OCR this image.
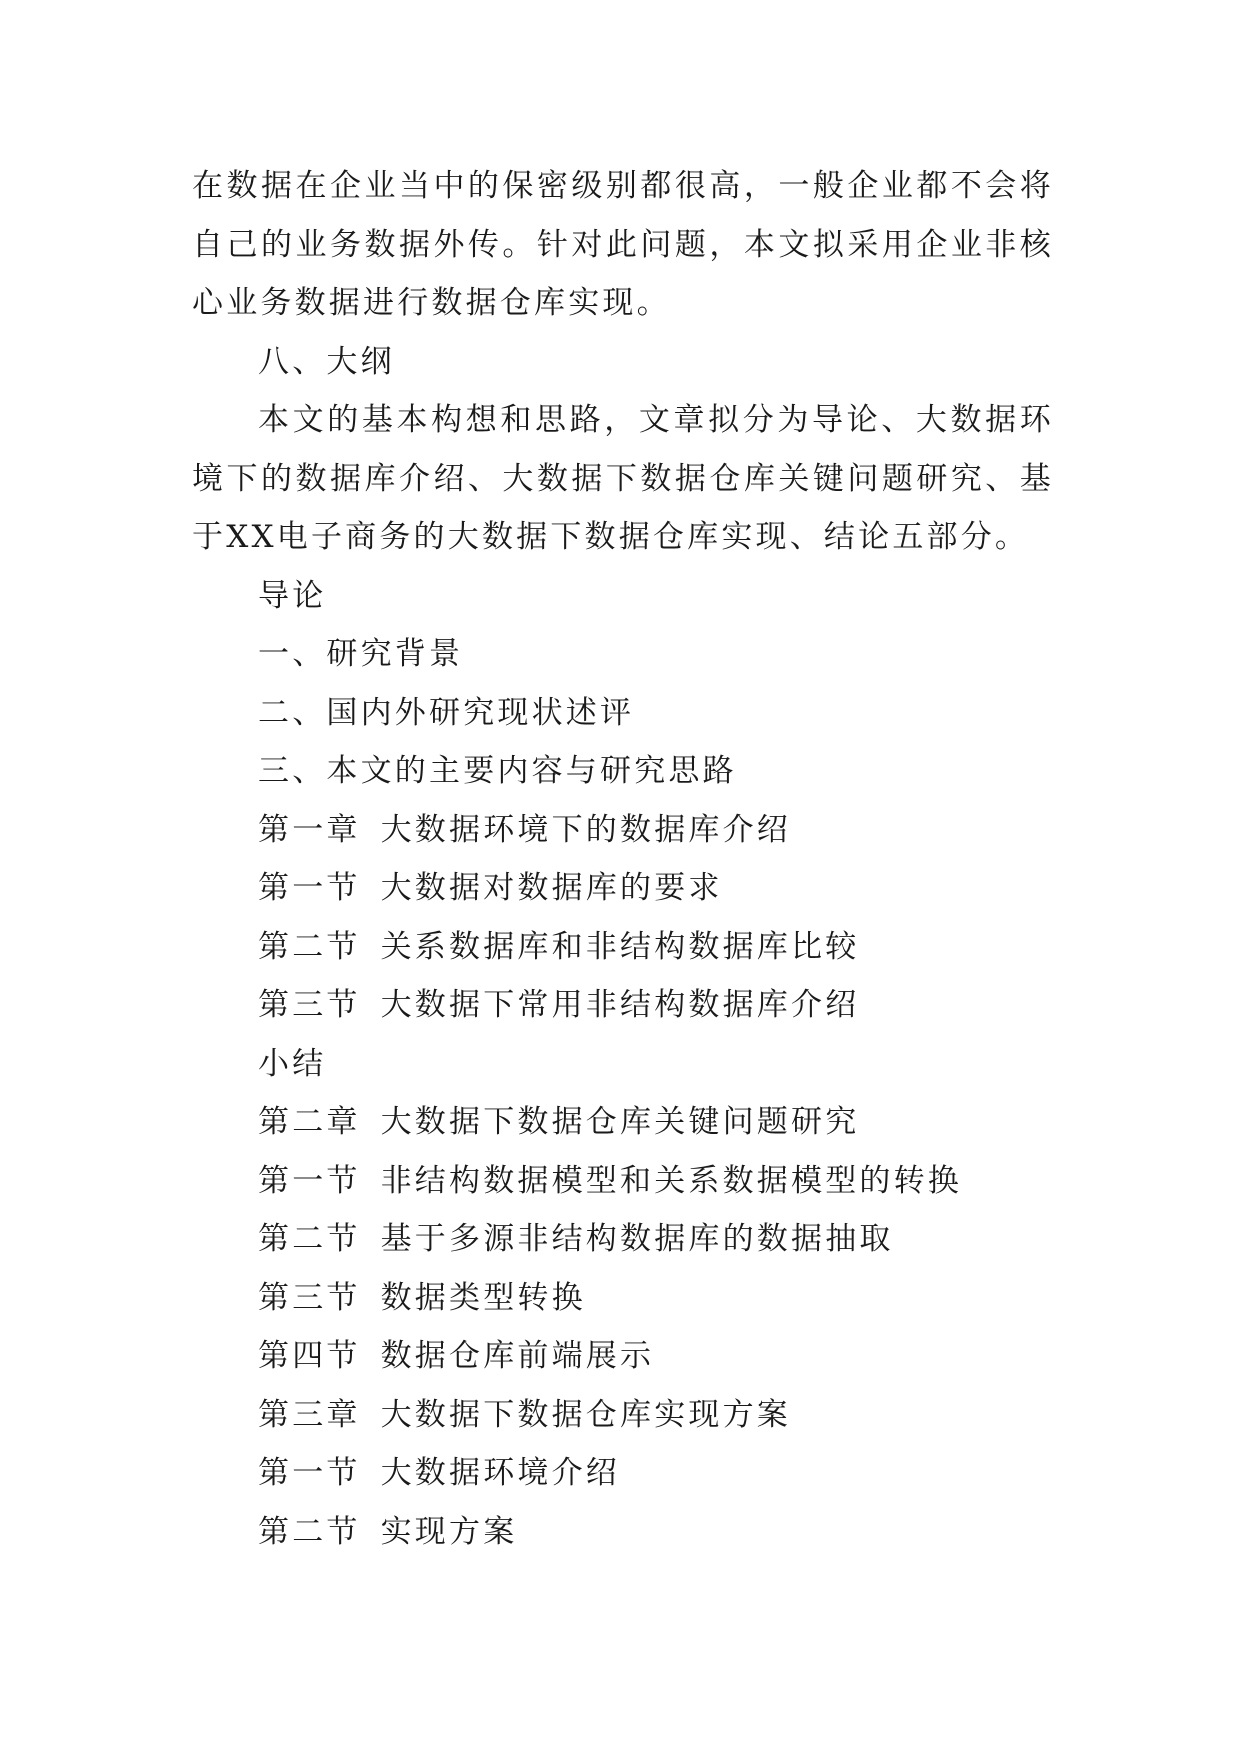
在数据在企业当中的保密级别都很高，一般企业都不会将自己的业务数据外传。针对此问题，本文拟采用企业非核心业务数据进行数据仓库实现。

八、大纲

本文的基本构想和思路，文章拟分为导论、大数据环境下的数据库介绍、大数据下数据仓库关键问题研究、基于XX电子商务的大数据下数据仓库实现、结论五部分。

导论

一、研究背景

二、国内外研究现状述评

三、本文的主要内容与研究思路

第一章 大数据环境下的数据库介绍

第一节 大数据对数据库的要求

第二节 关系数据库和非结构数据库比较

第三节 大数据下常用非结构数据库介绍

小结

第二章 大数据下数据仓库关键问题研究

第一节 非结构数据模型和关系数据模型的转换

第二节 基于多源非结构数据库的数据抽取

第三节 数据类型转换

第四节 数据仓库前端展示

第三章 大数据下数据仓库实现方案

第一节 大数据环境介绍

第二节 实现方案
